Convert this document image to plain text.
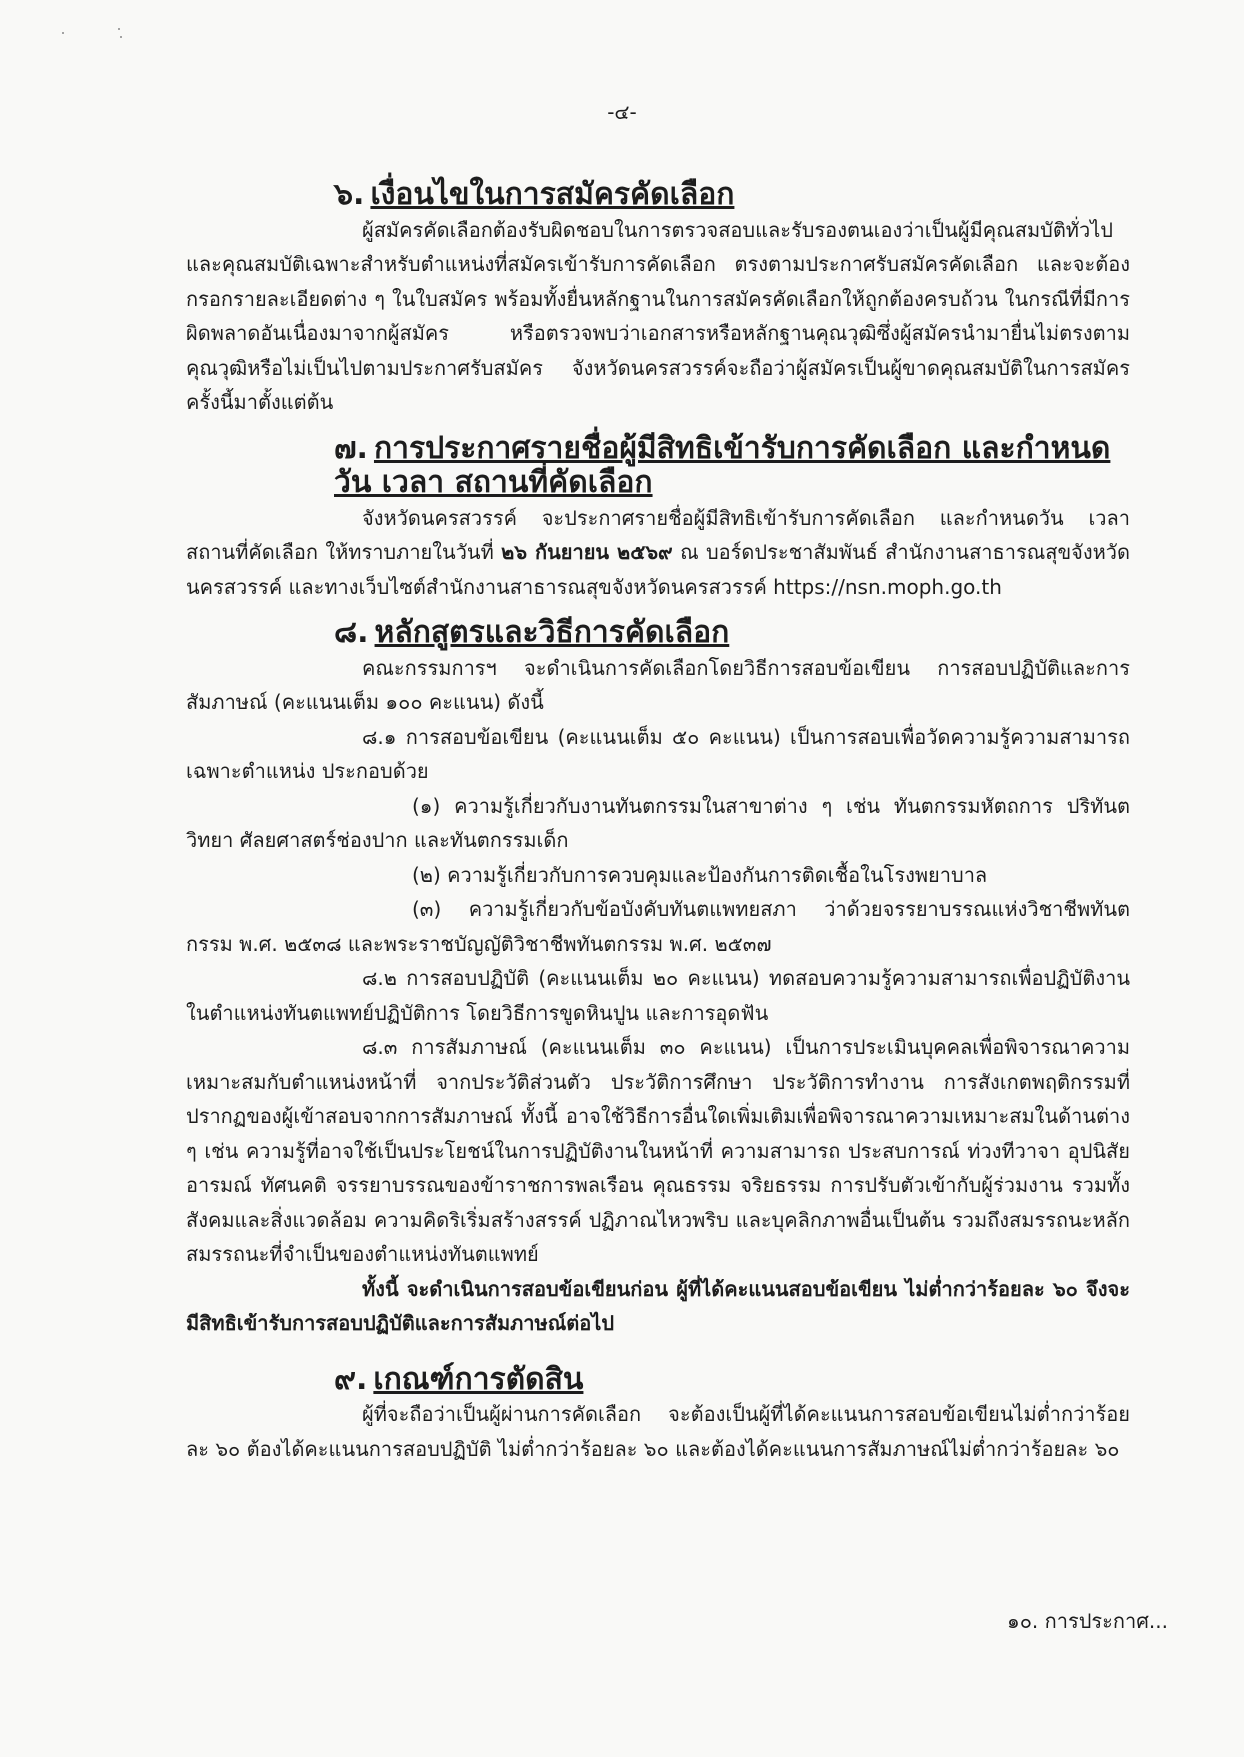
-๔-
๖. เงื่อนไขในการสมัครคัดเลือก

ผู้สมัครคัดเลือกต้องรับผิดชอบในการตรวจสอบและรับรองตนเองว่าเป็นผู้มีคุณสมบัติทั่วไปและคุณสมบัติเฉพาะสำหรับตำแหน่งที่สมัครเข้ารับการคัดเลือก ตรงตามประกาศรับสมัครคัดเลือก และจะต้องกรอกรายละเอียดต่าง ๆ ในใบสมัคร พร้อมทั้งยื่นหลักฐานในการสมัครคัดเลือกให้ถูกต้องครบถ้วน ในกรณีที่มีการผิดพลาดอันเนื่องมาจากผู้สมัคร หรือตรวจพบว่าเอกสารหรือหลักฐานคุณวุฒิซึ่งผู้สมัครนำมายื่นไม่ตรงตามคุณวุฒิหรือไม่เป็นไปตามประกาศรับสมัคร จังหวัดนครสวรรค์จะถือว่าผู้สมัครเป็นผู้ขาดคุณสมบัติในการสมัครครั้งนี้มาตั้งแต่ต้น

๗. การประกาศรายชื่อผู้มีสิทธิเข้ารับการคัดเลือก และกำหนดวัน เวลา สถานที่คัดเลือก

จังหวัดนครสวรรค์ จะประกาศรายชื่อผู้มีสิทธิเข้ารับการคัดเลือก และกำหนดวัน เวลา สถานที่คัดเลือก ให้ทราบภายในวันที่ ๒๖ กันยายน ๒๕๖๙ ณ บอร์ดประชาสัมพันธ์ สำนักงานสาธารณสุขจังหวัดนครสวรรค์ และทางเว็บไซต์สำนักงานสาธารณสุขจังหวัดนครสวรรค์ https://nsn.moph.go.th

๘. หลักสูตรและวิธีการคัดเลือก

คณะกรรมการฯ จะดำเนินการคัดเลือกโดยวิธีการสอบข้อเขียน การสอบปฏิบัติและการสัมภาษณ์ (คะแนนเต็ม ๑๐๐ คะแนน) ดังนี้

๘.๑ การสอบข้อเขียน (คะแนนเต็ม ๕๐ คะแนน) เป็นการสอบเพื่อวัดความรู้ความสามารถเฉพาะตำแหน่ง ประกอบด้วย

(๑) ความรู้เกี่ยวกับงานทันตกรรมในสาขาต่าง ๆ เช่น ทันตกรรมหัตถการ ปริทันตวิทยา ศัลยศาสตร์ช่องปาก และทันตกรรมเด็ก

(๒) ความรู้เกี่ยวกับการควบคุมและป้องกันการติดเชื้อในโรงพยาบาล

(๓) ความรู้เกี่ยวกับข้อบังคับทันตแพทยสภา ว่าด้วยจรรยาบรรณแห่งวิชาชีพทันตกรรม พ.ศ. ๒๕๓๘ และพระราชบัญญัติวิชาชีพทันตกรรม พ.ศ. ๒๕๓๗

๘.๒ การสอบปฏิบัติ (คะแนนเต็ม ๒๐ คะแนน) ทดสอบความรู้ความสามารถเพื่อปฏิบัติงานในตำแหน่งทันตแพทย์ปฏิบัติการ โดยวิธีการขูดหินปูน และการอุดฟัน

๘.๓ การสัมภาษณ์ (คะแนนเต็ม ๓๐ คะแนน) เป็นการประเมินบุคคลเพื่อพิจารณาความเหมาะสมกับตำแหน่งหน้าที่ จากประวัติส่วนตัว ประวัติการศึกษา ประวัติการทำงาน การสังเกตพฤติกรรมที่ปรากฏของผู้เข้าสอบจากการสัมภาษณ์ ทั้งนี้ อาจใช้วิธีการอื่นใดเพิ่มเติมเพื่อพิจารณาความเหมาะสมในด้านต่าง ๆ เช่น ความรู้ที่อาจใช้เป็นประโยชน์ในการปฏิบัติงานในหน้าที่ ความสามารถ ประสบการณ์ ท่วงทีวาจา อุปนิสัย อารมณ์ ทัศนคติ จรรยาบรรณของข้าราชการพลเรือน คุณธรรม จริยธรรม การปรับตัวเข้ากับผู้ร่วมงาน รวมทั้งสังคมและสิ่งแวดล้อม ความคิดริเริ่มสร้างสรรค์ ปฏิภาณไหวพริบ และบุคลิกภาพอื่นเป็นต้น รวมถึงสมรรถนะหลัก สมรรถนะที่จำเป็นของตำแหน่งทันตแพทย์

ทั้งนี้ จะดำเนินการสอบข้อเขียนก่อน ผู้ที่ได้คะแนนสอบข้อเขียน ไม่ต่ำกว่าร้อยละ ๖๐ จึงจะมีสิทธิเข้ารับการสอบปฏิบัติและการสัมภาษณ์ต่อไป

๙. เกณฑ์การตัดสิน

ผู้ที่จะถือว่าเป็นผู้ผ่านการคัดเลือก จะต้องเป็นผู้ที่ได้คะแนนการสอบข้อเขียนไม่ต่ำกว่าร้อยละ ๖๐ ต้องได้คะแนนการสอบปฏิบัติ ไม่ต่ำกว่าร้อยละ ๖๐ และต้องได้คะแนนการสัมภาษณ์ไม่ต่ำกว่าร้อยละ ๖๐

๑๐. การประกาศ...
